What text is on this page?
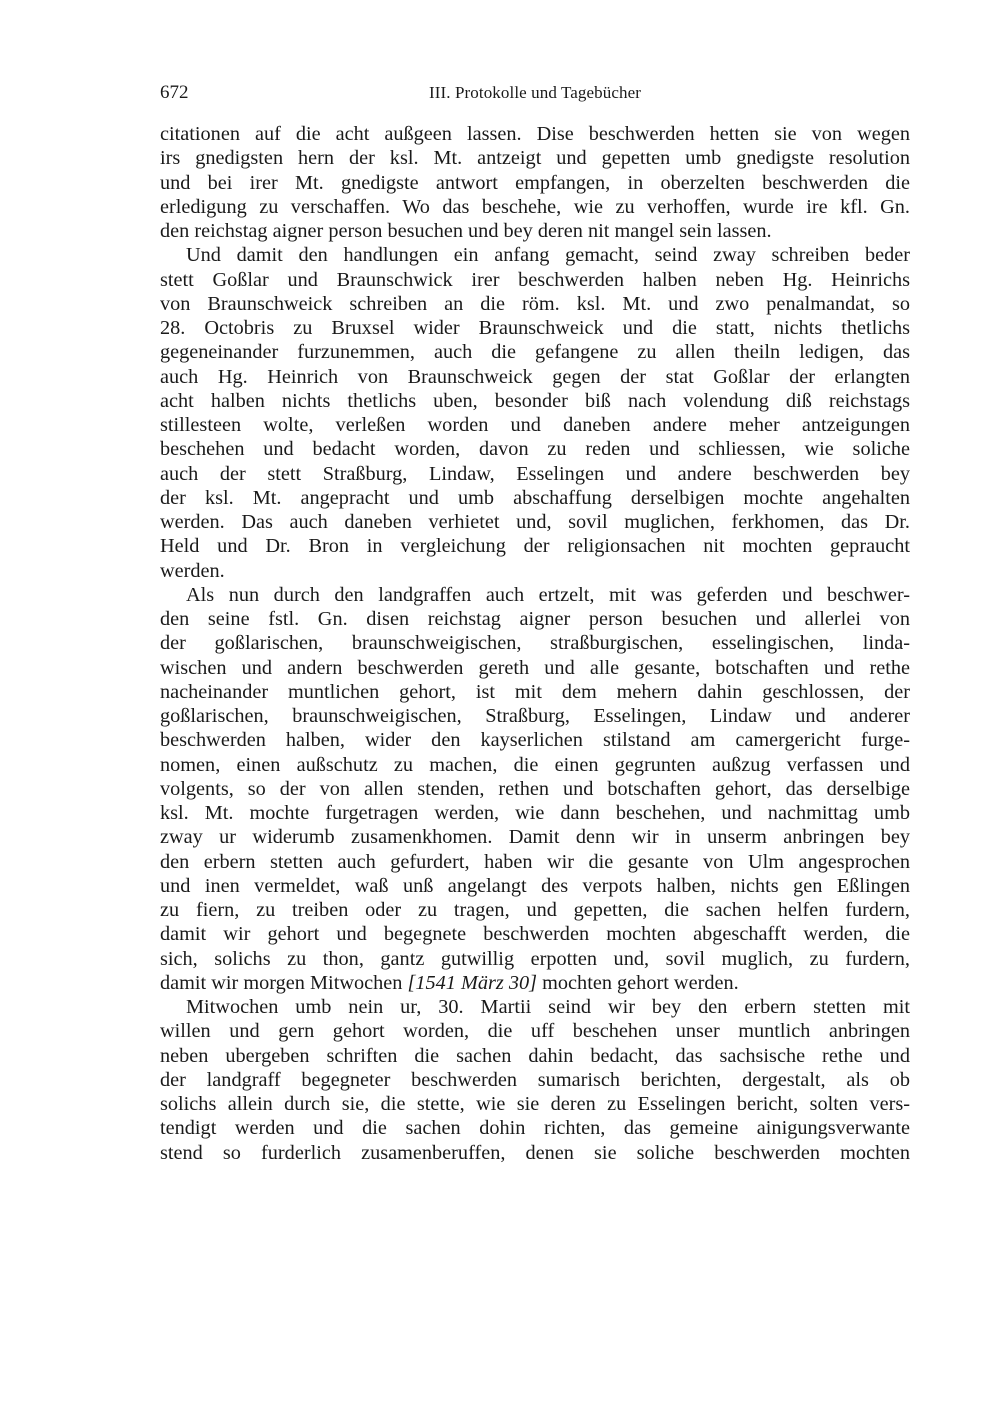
672	III. Protokolle und Tagebücher
citationen auf die acht außgeen lassen. Dise beschwerden hetten sie von wegen
irs gnedigsten hern der ksl. Mt. antzeigt und gepetten umb gnedigste resolution
und bei irer Mt. gnedigste antwort empfangen, in oberzelten beschwerden die
erledigung zu verschaffen. Wo das beschehe, wie zu verhoffen, wurde ire kfl. Gn.
den reichstag aigner person besuchen und bey deren nit mangel sein lassen.
Und damit den handlungen ein anfang gemacht, seind zway schreiben beder
stett Goßlar und Braunschwick irer beschwerden halben neben Hg. Heinrichs
von Braunschweick schreiben an die röm. ksl. Mt. und zwo penalmandat, so
28. Octobris zu Bruxsel wider Braunschweick und die statt, nichts thetlichs
gegeneinander furzunemmen, auch die gefangene zu allen theiln ledigen, das
auch Hg. Heinrich von Braunschweick gegen der stat Goßlar der erlangten
acht halben nichts thetlichs uben, besonder biß nach volendung diß reichstags
stillesteen wolte, verleßen worden und daneben andere meher antzeigungen
beschehen und bedacht worden, davon zu reden und schliessen, wie soliche
auch der stett Straßburg, Lindaw, Esselingen und andere beschwerden bey
der ksl. Mt. angepracht und umb abschaffung derselbigen mochte angehalten
werden. Das auch daneben verhietet und, sovil muglichen, ferkhomen, das Dr.
Held und Dr. Bron in vergleichung der religionsachen nit mochten gepraucht
werden.
Als nun durch den landgraffen auch ertzelt, mit was geferden und beschwer-
den seine fstl. Gn. disen reichstag aigner person besuchen und allerlei von
der goßlarischen, braunschweigischen, straßburgischen, esselingischen, linda-
wischen und andern beschwerden gereth und alle gesante, botschaften und rethe
nacheinander muntlichen gehort, ist mit dem mehern dahin geschlossen, der
goßlarischen, braunschweigischen, Straßburg, Esselingen, Lindaw und anderer
beschwerden halben, wider den kayserlichen stilstand am camergericht furge-
nomen, einen außschutz zu machen, die einen gegrunten außzug verfassen und
volgents, so der von allen stenden, rethen und botschaften gehort, das derselbige
ksl. Mt. mochte furgetragen werden, wie dann beschehen, und nachmittag umb
zway ur widerumb zusamenkhomen. Damit denn wir in unserm anbringen bey
den erbern stetten auch gefurdert, haben wir die gesante von Ulm angesprochen
und inen vermeldet, waß unß angelangt des verpots halben, nichts gen Eßlingen
zu fiern, zu treiben oder zu tragen, und gepetten, die sachen helfen furdern,
damit wir gehort und begegnete beschwerden mochten abgeschafft werden, die
sich, solichs zu thon, gantz gutwillig erpotten und, sovil muglich, zu furdern,
damit wir morgen Mitwochen [1541 März 30] mochten gehort werden.
Mitwochen umb nein ur, 30. Martii seind wir bey den erbern stetten mit
willen und gern gehort worden, die uff beschehen unser muntlich anbringen
neben ubergeben schriften die sachen dahin bedacht, das sachsische rethe und
der landgraff begegneter beschwerden sumarisch berichten, dergestalt, als ob
solichs allein durch sie, die stette, wie sie deren zu Esselingen bericht, solten vers-
tendigt werden und die sachen dohin richten, das gemeine ainigungsverwante
stend so furderlich zusamenberuffen, denen sie soliche beschwerden mochten
